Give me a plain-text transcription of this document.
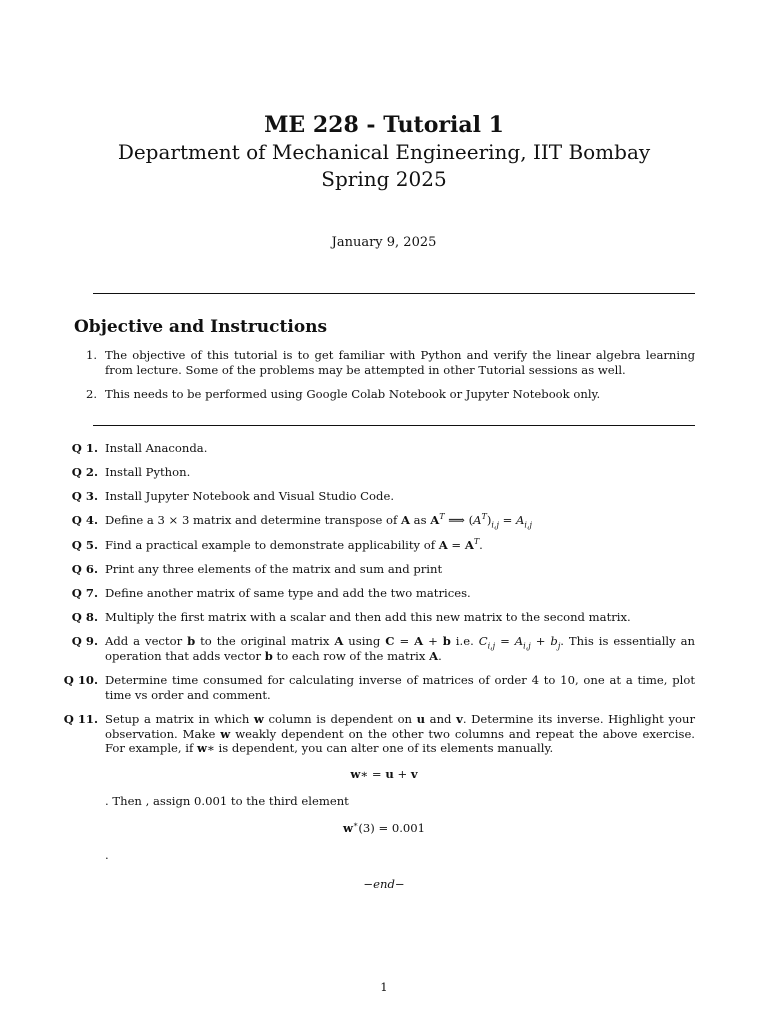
ME 228 - Tutorial 1
Department of Mechanical Engineering, IIT Bombay
Spring 2025
January 9, 2025
Objective and Instructions
1. The objective of this tutorial is to get familiar with Python and verify the linear algebra learning from lecture. Some of the problems may be attempted in other Tutorial sessions as well.
2. This needs to be performed using Google Colab Notebook or Jupyter Notebook only.
Q 1. Install Anaconda.
Q 2. Install Python.
Q 3. Install Jupyter Notebook and Visual Studio Code.
Q 4. Define a 3 × 3 matrix and determine transpose of A as $A^T$ ⟹ $(A^T)_{i,j} = A_{i,j}$
Q 5. Find a practical example to demonstrate applicability of $A = A^T$.
Q 6. Print any three elements of the matrix and sum and print
Q 7. Define another matrix of same type and add the two matrices.
Q 8. Multiply the first matrix with a scalar and then add this new matrix to the second matrix.
Q 9. Add a vector b to the original matrix A using C = A + b i.e. $C_{i,j} = A_{i,j} + b_j$. This is essentially an operation that adds vector b to each row of the matrix A.
Q 10. Determine time consumed for calculating inverse of matrices of order 4 to 10, one at a time, plot time vs order and comment.
Q 11. Setup a matrix in which w column is dependent on u and v. Determine its inverse. Highlight your observation. Make w weakly dependent on the other two columns and repeat the above exercise. For example, if w∗ is dependent, you can alter one of its elements manually.
w∗ = u + v
. Then , assign 0.001 to the third element
w∗(3) = 0.001
.
−end−
1
